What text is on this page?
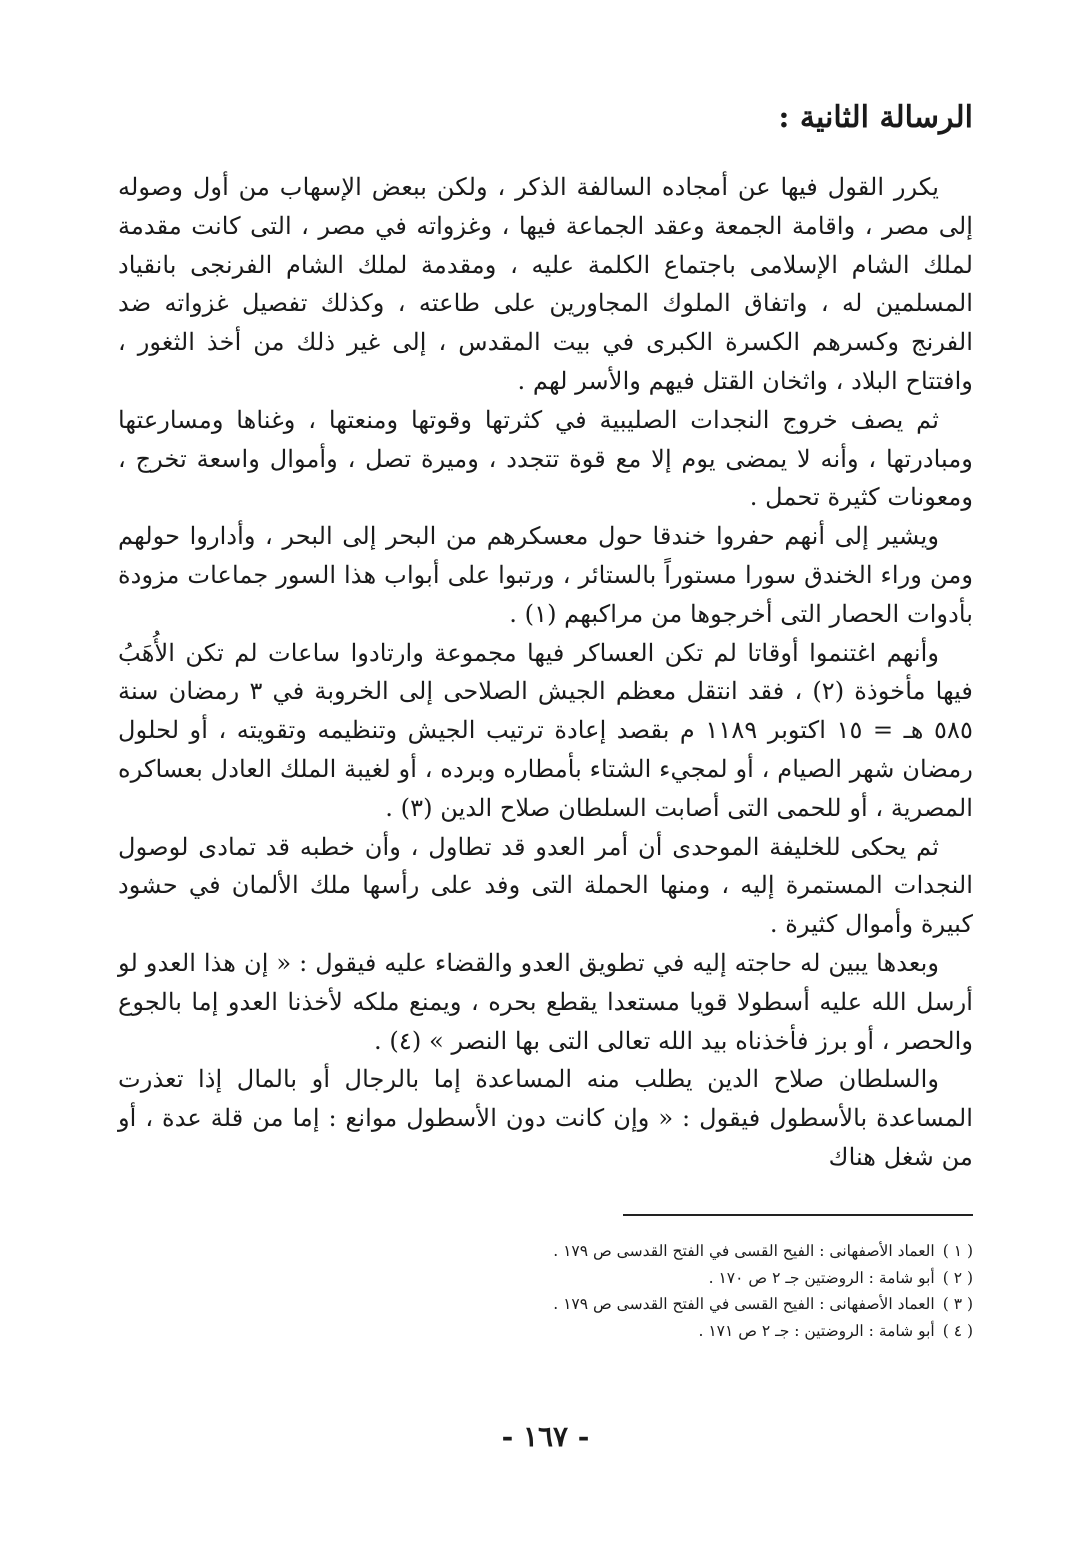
الرسالة الثانية :

يكرر القول فيها عن أمجاده السالفة الذكر ، ولكن ببعض الإسهاب من أول وصوله إلى مصر ، واقامة الجمعة وعقد الجماعة فيها ، وغزواته في مصر ، التى كانت مقدمة لملك الشام الإسلامى باجتماع الكلمة عليه ، ومقدمة لملك الشام الفرنجى بانقياد المسلمين له ، واتفاق الملوك المجاورين على طاعته ، وكذلك تفصيل غزواته ضد الفرنج وكسرهم الكسرة الكبرى في بيت المقدس ، إلى غير ذلك من أخذ الثغور ، وافتتاح البلاد ، واثخان القتل فيهم والأسر لهم .

ثم يصف خروج النجدات الصليبية في كثرتها وقوتها ومنعتها ، وغناها ومسارعتها ومبادرتها ، وأنه لا يمضى يوم إلا مع قوة تتجدد ، وميرة تصل ، وأموال واسعة تخرج ، ومعونات كثيرة تحمل .

ويشير إلى أنهم حفروا خندقا حول معسكرهم من البحر إلى البحر ، وأداروا حولهم ومن وراء الخندق سورا مستوراً بالستائر ، ورتبوا على أبواب هذا السور جماعات مزودة بأدوات الحصار التى أخرجوها من مراكبهم (١) .

وأنهم اغتنموا أوقاتا لم تكن العساكر فيها مجموعة وارتادوا ساعات لم تكن الأُهَبُ فيها مأخوذة (٢) ، فقد انتقل معظم الجيش الصلاحى إلى الخروبة في ٣ رمضان سنة ٥٨٥ هـ = ١٥ اكتوبر ١١٨٩ م بقصد إعادة ترتيب الجيش وتنظيمه وتقويته ، أو لحلول رمضان شهر الصيام ، أو لمجيء الشتاء بأمطاره وبرده ، أو لغيبة الملك العادل بعساكره المصرية ، أو للحمى التى أصابت السلطان صلاح الدين (٣) .

ثم يحكى للخليفة الموحدى أن أمر العدو قد تطاول ، وأن خطبه قد تمادى لوصول النجدات المستمرة إليه ، ومنها الحملة التى وفد على رأسها ملك الألمان في حشود كبيرة وأموال كثيرة .

وبعدها يبين له حاجته إليه في تطويق العدو والقضاء عليه فيقول : « إن هذا العدو لو أرسل الله عليه أسطولا قويا مستعدا يقطع بحره ، ويمنع ملكه لأخذنا العدو إما بالجوع والحصر ، أو برز فأخذناه بيد الله تعالى التى بها النصر » (٤) .

والسلطان صلاح الدين يطلب منه المساعدة إما بالرجال أو بالمال إذا تعذرت المساعدة بالأسطول فيقول : « وإن كانت دون الأسطول موانع : إما من قلة عدة ، أو من شغل هناك

( ١ )العماد الأصفهانى : الفيح القسى في الفتح القدسى ص ١٧٩ .
( ٢ )أبو شامة : الروضتين جـ ٢ ص ١٧٠ .
( ٣ )العماد الأصفهانى : الفيح القسى في الفتح القدسى ص ١٧٩ .
( ٤ )أبو شامة : الروضتين : جـ ٢ ص ١٧١ .
- ١٦٧ -
